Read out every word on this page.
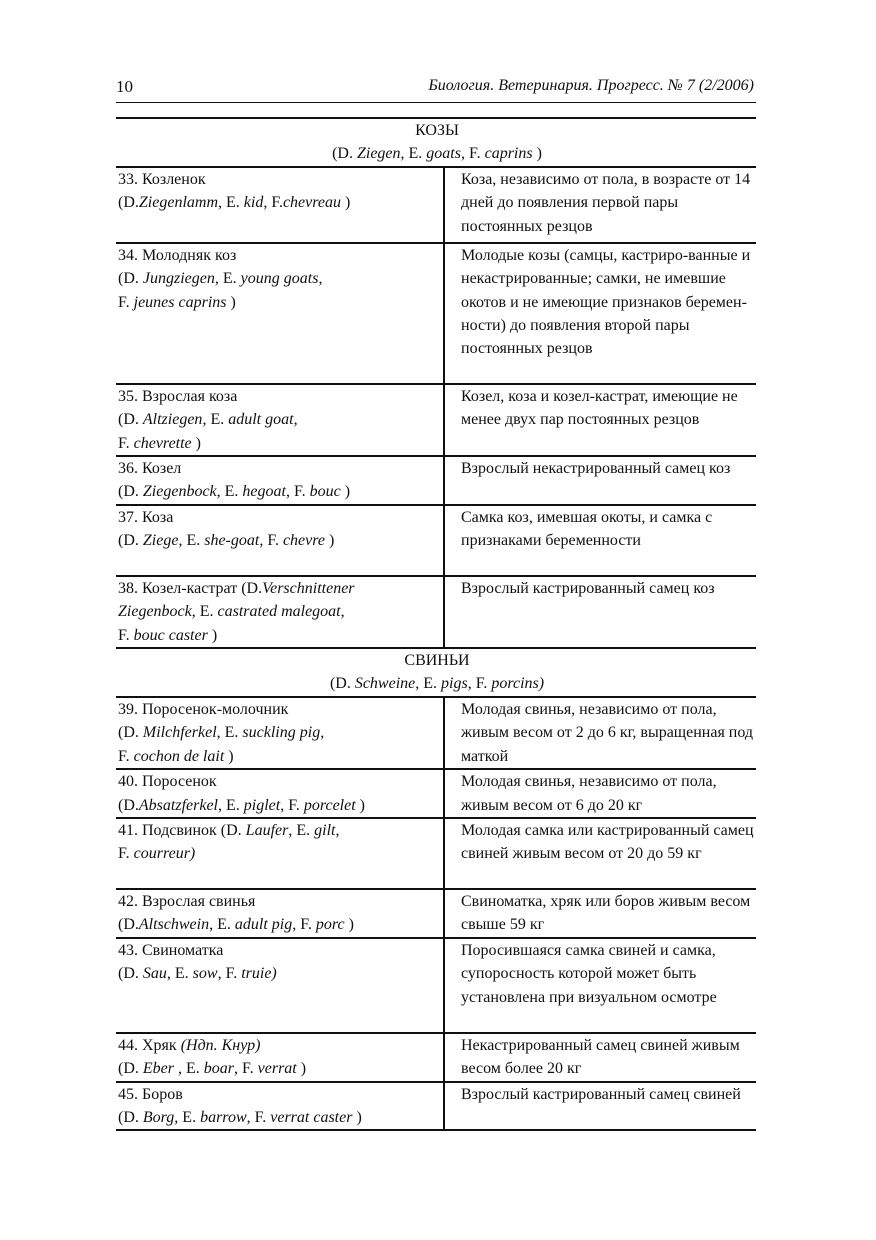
10	Биология. Ветеринария. Прогресс. № 7 (2/2006)
КОЗЫ	
(D. Ziegen, E. goats, F. caprins )	

33. Козленок
(D.Ziegenlamm, E. kid, F.chevreau )	Коза, независимо от пола, в возрасте от 14 дней до появления первой пары постоянных резцов

34. Молодняк коз
(D. Jungziegen, E. young goats,
F. jeunes caprins )	Молодые козы (самцы, кастриро-ванные и некастрированные; самки, не имевшие окотов и не имеющие признаков беремен-ности) до появления второй пары постоянных резцов

35. Взрослая коза
(D. Altziegen, E. adult goat,
F. chevrette )	Козел, коза и козел-кастрат, имеющие не менее двух пар постоянных резцов

36. Козел
(D. Ziegenbock, E. hegoat, F. bouc )	Взрослый некастрированный самец коз

37. Коза
(D. Ziege, E. she-goat, F. chevre )	Самка коз, имевшая окоты, и самка с признаками беременности

38. Козел-кастрат (D.Verschnittener
Ziegenbock, E. castrated malegoat,
F. bouc caster )	Взрослый кастрированный самец коз

СВИНЬИ	
(D. Schweine, E. pigs, F. porcins)	

39. Поросенок-молочник
(D. Milchferkel, E. suckling pig,
F. cochon de lait )	Молодая свинья, независимо от пола, живым весом от 2 до 6 кг, выращенная под маткой

40. Поросенок
(D.Absatzferkel, E. piglet, F. porcelet )	Молодая свинья, независимо от пола, живым весом от 6 до 20 кг

41. Подсвинок (D. Laufer, E. gilt,
F. courreur)	Молодая самка или кастрированный самец свиней живым весом от 20 до 59 кг

42. Взрослая свинья
(D.Altschwein, E. adult pig, F. porc )	Свиноматка, хряк или боров живым весом свыше 59 кг

43. Свиноматка
(D. Sau, E. sow, F. truie)	Поросившаяся самка свиней и самка, супоросность которой может быть установлена при визуальном осмотре

44. Хряк (Ндп. Кнур)
(D. Eber , E. boar, F. verrat )	Некастрированный самец свиней живым весом более 20 кг

45. Боров
(D. Borg, E. barrow, F. verrat caster )	Взрослый кастрированный самец свиней
